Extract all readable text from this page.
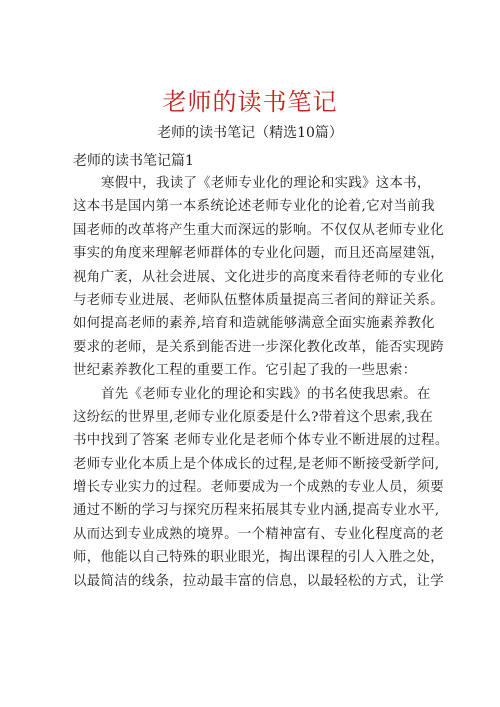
老师的读书笔记

老师的读书笔记（精选10篇）

老师的读书笔记篇1
寒假中，我读了《老师专业化的理论和实践》这本书，
这本书是国内第一本系统论述老师专业化的论着,它对当前我
国老师的改革将产生重大而深远的影响。不仅仅从老师专业化
事实的角度来理解老师群体的专业化问题，而且还高屋建瓴，
视角广袤，从社会进展、文化进步的高度来看待老师的专业化
与老师专业进展、老师队伍整体质量提高三者间的辩证关系。
如何提高老师的素养,培育和造就能够满意全面实施素养教化
要求的老师，是关系到能否进一步深化教化改革，能否实现跨
世纪素养教化工程的重要工作。它引起了我的一些思索：
首先《老师专业化的理论和实践》的书名使我思索。在
这纷纭的世界里,老师专业化原委是什么?带着这个思索,我在
书中找到了答案 老师专业化是老师个体专业不断进展的过程。
老师专业化本质上是个体成长的过程,是老师不断接受新学问,
增长专业实力的过程。老师要成为一个成熟的专业人员，须要
通过不断的学习与探究历程来拓展其专业内涵,提高专业水平,
从而达到专业成熟的境界。一个精神富有、专业化程度高的老
师，他能以自己特殊的职业眼光，掏出课程的引人入胜之处，
以最简洁的线条，拉动最丰富的信息，以最轻松的方式，让学
